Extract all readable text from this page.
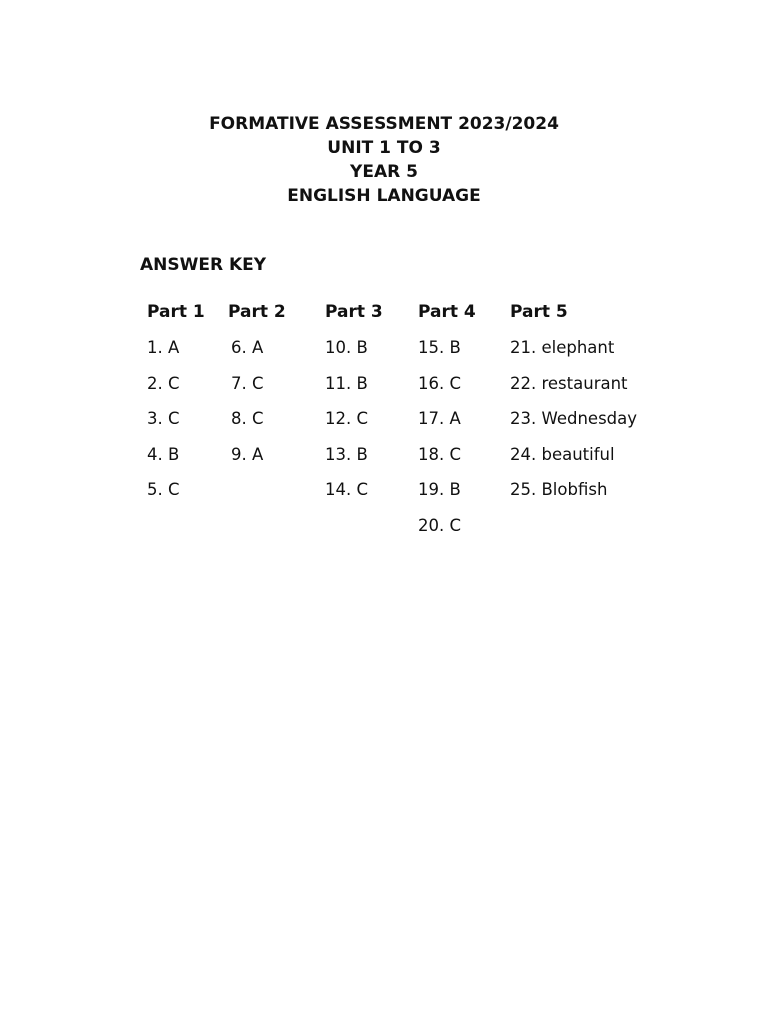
FORMATIVE ASSESSMENT 2023/2024
UNIT 1 TO 3
YEAR 5
ENGLISH LANGUAGE
ANSWER KEY
Part 1
1. A
2. C
3. C
4. B
5. C
Part 2
6. A
7. C
8. C
9. A
Part 3
10. B
11. B
12. C
13. B
14. C
Part 4
15. B
16. C
17. A
18. C
19. B
20. C
Part 5
21. elephant
22. restaurant
23. Wednesday
24. beautiful
25. Blobfish
